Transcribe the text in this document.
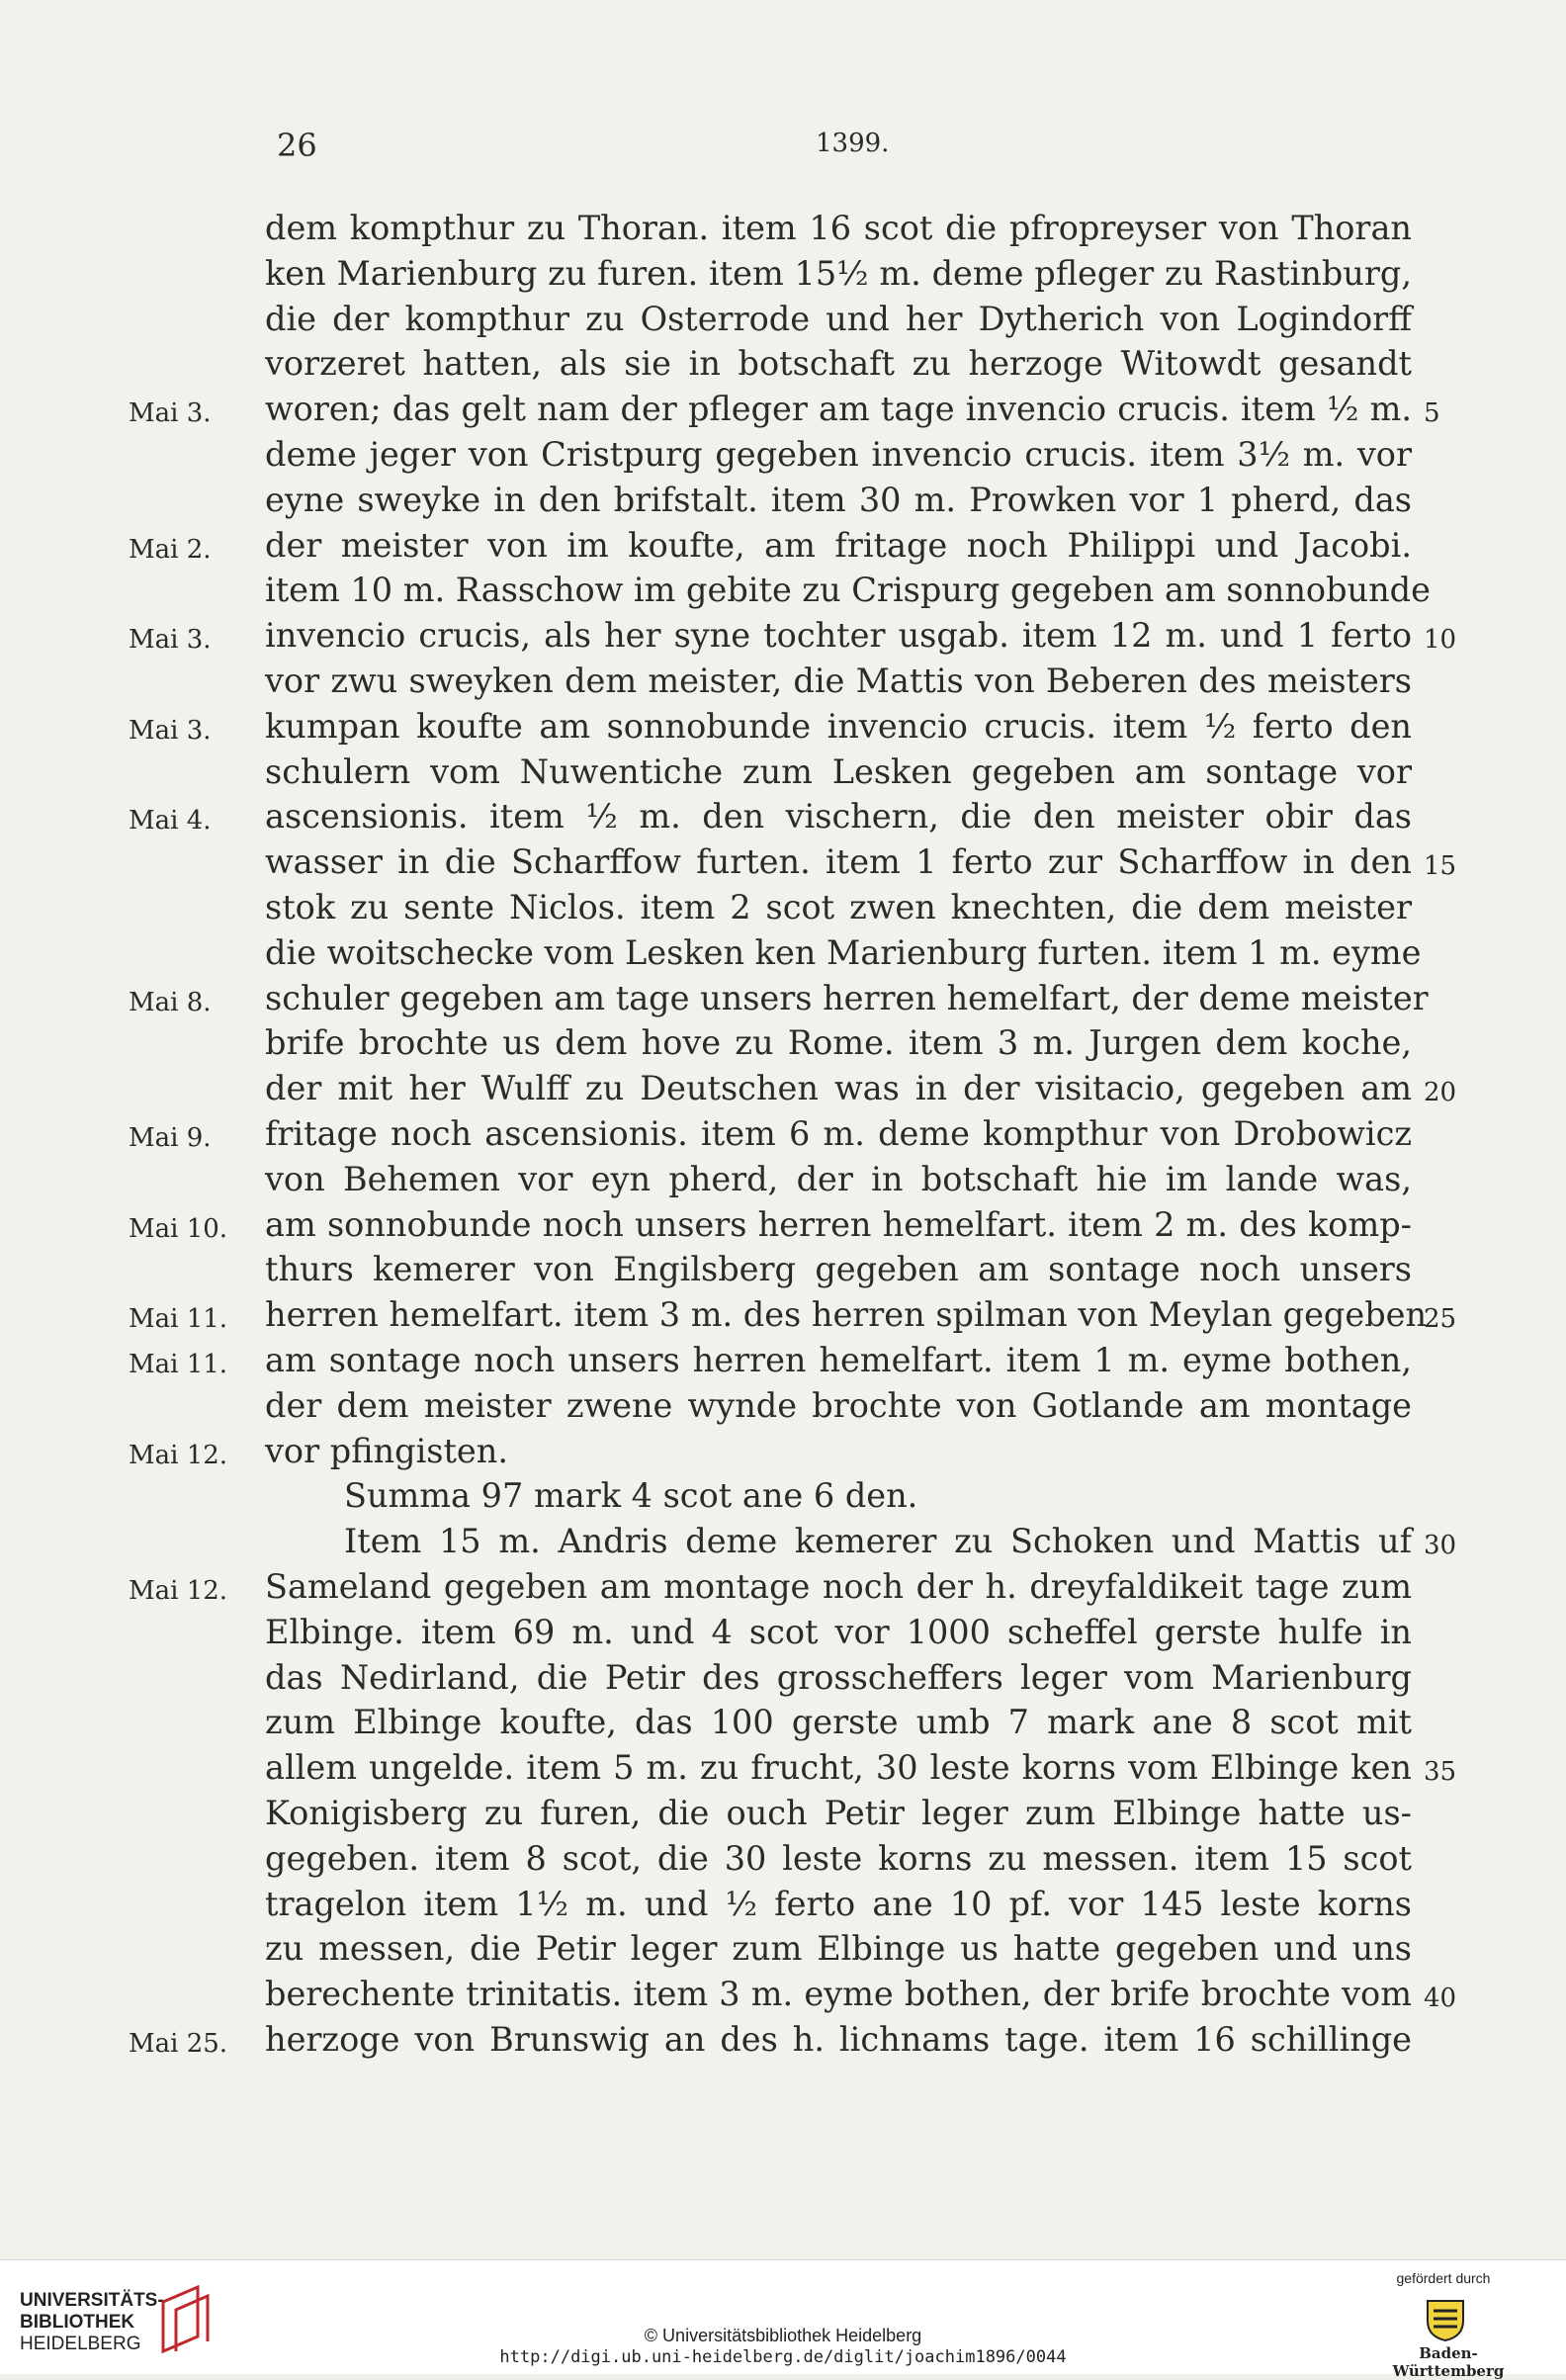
26	1399.
dem kompthur zu Thoran. item 16 scot die pfropreyser von Thoran
ken Marienburg zu furen. item 15½ m. deme pfleger zu Rastinburg,
die der kompthur zu Osterrode und her Dytherich von Logindorff
vorzeret hatten, als sie in botschaft zu herzoge Witowdt gesandt
Mai 3.	woren; das gelt nam der pfleger am tage invencio crucis. item ½ m. 5
deme jeger von Cristpurg gegeben invencio crucis. item 3½ m. vor
eyne sweyke in den brifstalt. item 30 m. Prowken vor 1 pherd, das
Mai 2.	der meister von im koufte, am fritage noch Philippi und Jacobi.
item 10 m. Rasschow im gebite zu Crispurg gegeben am sonnobunde
Mai 3.	invencio crucis, als her syne tochter usgab. item 12 m. und 1 ferto 10
vor zwu sweyken dem meister, die Mattis von Beberen des meisters
Mai 3.	kumpan koufte am sonnobunde invencio crucis. item ½ ferto den
schulern vom Nuwentiche zum Lesken gegeben am sontage vor
Mai 4.	ascensionis. item ½ m. den vischern, die den meister obir das
wasser in die Scharffow furten. item 1 ferto zur Scharffow in den 15
stok zu sente Niclos. item 2 scot zwen knechten, die dem meister
die woitschecke vom Lesken ken Marienburg furten. item 1 m. eyme
Mai 8.	schuler gegeben am tage unsers herren hemelfart, der deme meister
brife brochte us dem hove zu Rome. item 3 m. Jurgen dem koche,
der mit her Wulff zu Deutschen was in der visitacio, gegeben am 20
Mai 9.	fritage noch ascensionis. item 6 m. deme kompthur von Drobowicz
von Behemen vor eyn pherd, der in botschaft hie im lande was,
Mai 10.	am sonnobunde noch unsers herren hemelfart. item 2 m. des komp-
thurs kemerer von Engilsberg gegeben am sontage noch unsers
Mai 11.	herren hemelfart. item 3 m. des herren spilman von Meylan gegeben
25
Mai 11.	am sontage noch unsers herren hemelfart. item 1 m. eyme bothen,
der dem meister zwene wynde brochte von Gotlande am montage
Mai 12.	vor pfingisten.
Summa 97 mark 4 scot ane 6 den.
Item 15 m. Andris deme kemerer zu Schoken und Mattis uf 30
Mai 12.	Sameland gegeben am montage noch der h. dreyfaldikeit tage zum
Elbinge. item 69 m. und 4 scot vor 1000 scheffel gerste hulfe in
das Nedirland, die Petir des grosscheffers leger vom Marienburg
zum Elbinge koufte, das 100 gerste umb 7 mark ane 8 scot mit
allem ungelde. item 5 m. zu frucht, 30 leste korns vom Elbinge ken 35
Konigisberg zu furen, die ouch Petir leger zum Elbinge hatte us-
gegeben. item 8 scot, die 30 leste korns zu messen. item 15 scot
tragelon item 1½ m. und ½ ferto ane 10 pf. vor 145 leste korns
zu messen, die Petir leger zum Elbinge us hatte gegeben und uns
berechente trinitatis. item 3 m. eyme bothen, der brife brochte vom 40
Mai 25.	herzoge von Brunswig an des h. lichnams tage. item 16 schillinge
UNIVERSITÄTS-
BIBLIOTHEK
HEIDELBERG	© Universitätsbibliothek Heidelberg
http://digi.ub.uni-heidelberg.de/diglit/joachim1896/0044
gefördert durch
Baden-Württemberg
